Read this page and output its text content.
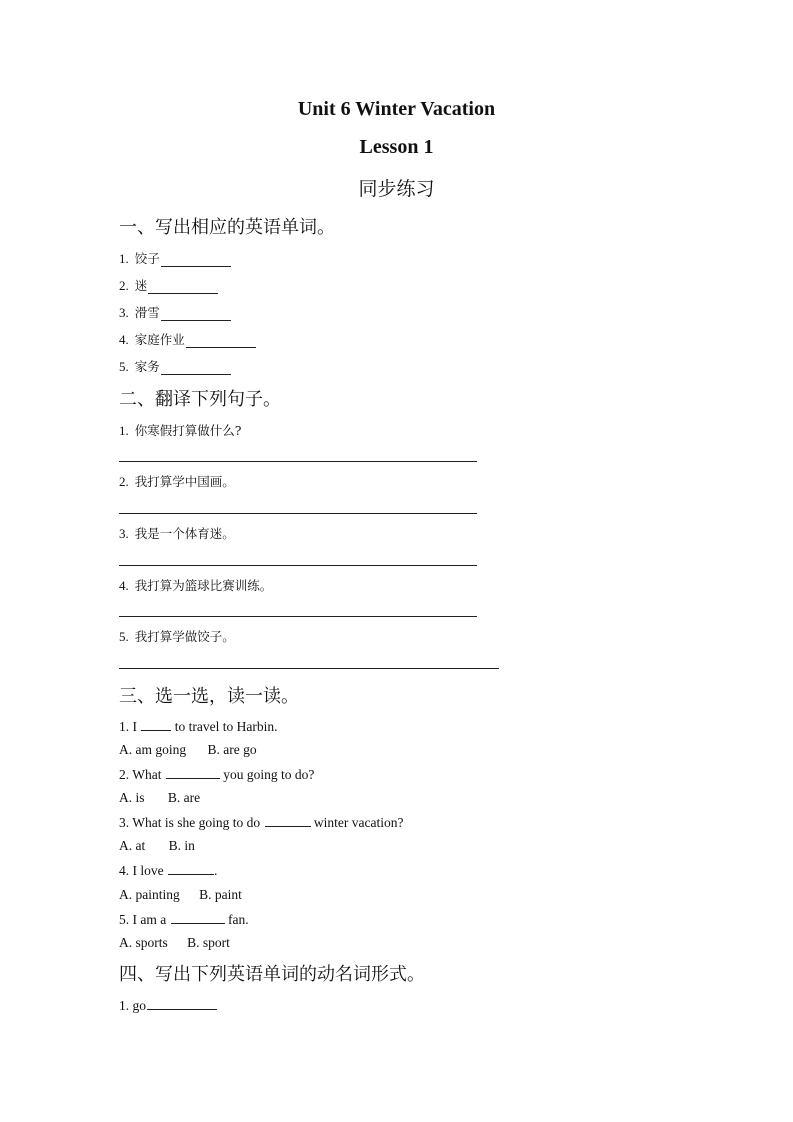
Unit 6 Winter Vacation
Lesson 1
同步练习
一、写出相应的英语单词。
1. 饺子
2. 迷
3. 滑雪
4. 家庭作业
5. 家务
二、翻译下列句子。
1. 你寒假打算做什么?
2. 我打算学中国画。
3. 我是一个体育迷。
4. 我打算为篮球比赛训练。
5. 我打算学做饺子。
三、选一选，读一读。
1. I	to travel to Harbin.
A. am going B. are go
2. What	you going to do?
A. is B. are
3. What is she going to do	winter vacation?
A. at B. in
4. I love	.
A. painting B. paint
5. I am a	fan.
A. sports B. sport
四、写出下列英语单词的动名词形式。
1. go
